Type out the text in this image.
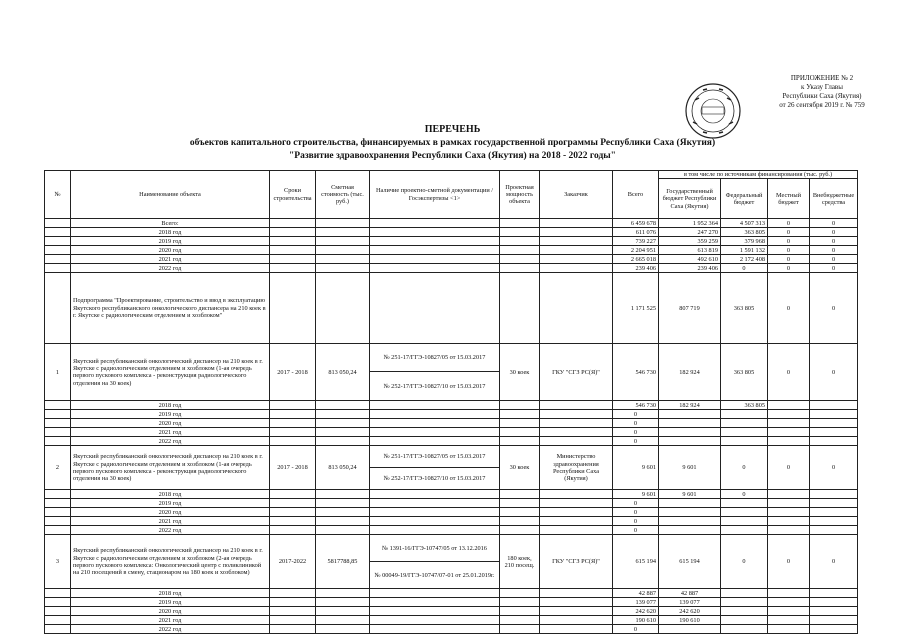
ПРИЛОЖЕНИЕ № 2
к Указу Главы
Республики Саха (Якутия)
от 26 сентября 2019 г. № 759
ПЕРЕЧЕНЬ
объектов капитального строительства, финансируемых в рамках государственной программы Республики Саха (Якутия)
"Развитие здравоохранения Республики Саха (Якутия) на 2018 - 2022 годы"
№	Наименование объекта	Сроки строительства	Сметная стоимость (тыс. руб.)	Наличие проектно-сметной документации / Госэкспертизы <1>	Проектная мощность объекта	Заказчик	Всего	в том числе по источникам финансирования (тыс. руб.)			
								Государственный бюджет Республики Саха (Якутия)	Федеральный бюджет	Местный бюджет	Внебюджетные средства
	Всего:						6 459 678	1 952 364	4 507 313	0	0
	2018 год						611 076	247 270	363 805	0	0
	2019 год						739 227	359 259	379 968	0	0
	2020 год						2 204 951	613 819	1 591 132	0	0
	2021 год						2 665 018	492 610	2 172 408	0	0
	2022 год						239 406	239 406	0	0	0
	Подпрограмма "Проектирование, строительство и ввод в эксплуатацию Якутского республиканского онкологического диспансера на 210 коек в г. Якутске с радиологическим отделением и хозблоком"						1 171 525	807 719	363 805	0	0
1	Якутский республиканский онкологический диспансер на 210 коек в г. Якутске с радиологическим отделением и хозблоком (1-ая очередь первого пускового комплекса - реконструкция радиологического отделения на 30 коек)	2017 - 2018	813 050,24	№ 251-17/ГГЭ-10827/05 от 15.03.2017	30 коек	ГКУ "СГЗ РС(Я)"	546 730	182 924	363 805	0	0
				№ 252-17/ГГЭ-10827/10 от 15.03.2017							
	2018 год						546 730	182 924	363 805		
	2019 год						0				
	2020 год						0				
	2021 год						0				
	2022 год						0				
2	Якутский республиканский онкологический диспансер на 210 коек в г. Якутске с радиологическим отделением и хозблоком (1-ая очередь первого пускового комплекса - реконструкция радиологического отделения на 30 коек)	2017 - 2018	813 050,24	№ 251-17/ГГЭ-10827/05 от 15.03.2017	30 коек	Министерство здравоохранения Республики Саха (Якутия)	9 601	9 601	0	0	0
				№ 252-17/ГГЭ-10827/10 от 15.03.2017							
	2018 год						9 601	9 601	0		
	2019 год						0				
	2020 год						0				
	2021 год						0				
	2022 год						0				
3	Якутский республиканский онкологический диспансер на 210 коек в г. Якутске с радиологическим отделением и хозблоком (2-ая очередь первого пускового комплекса: Онкологический центр с поликлиникой на 210 посещений в смену, стационаром на 180 коек и хозблоком)	2017-2022	5817788,85	№ 1391-16/ГГЭ-10747/05 от 13.12.2016	180 коек, 210 посещ.	ГКУ "СГЗ РС(Я)"	615 194	615 194	0	0	0
				№ 00049-19/ГГЭ-10747/07-01 от 25.01.2019г.							
	2018 год						42 887	42 887			
	2019 год						139 077	139 077			
	2020 год						242 620	242 620			
	2021 год						190 610	190 610			
	2022 год						0				
